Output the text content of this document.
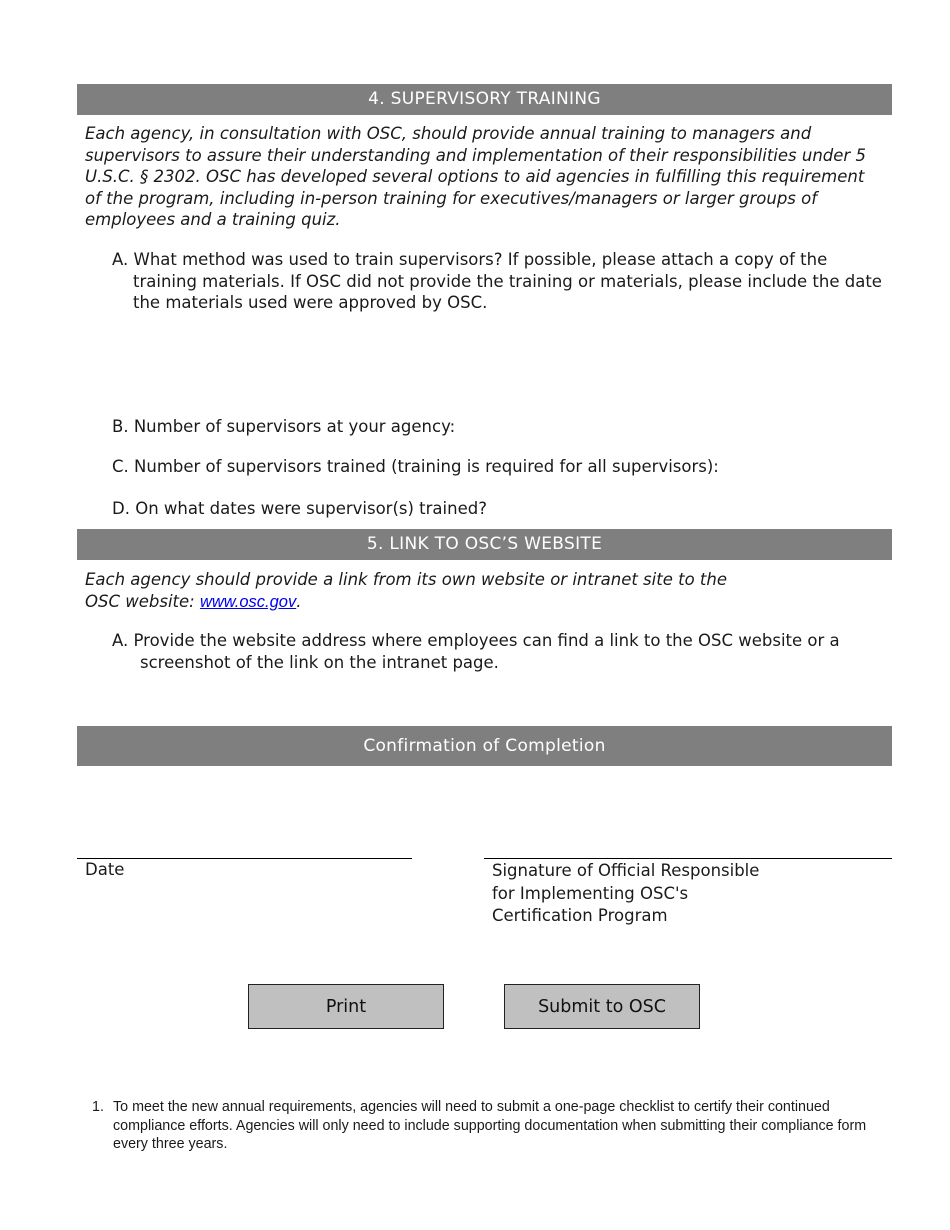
4. SUPERVISORY TRAINING
Each agency, in consultation with OSC, should provide annual training to managers and supervisors to assure their understanding and implementation of their responsibilities under 5 U.S.C. § 2302. OSC has developed several options to aid agencies in fulfilling this requirement of the program, including in-person training for executives/managers or larger groups of employees and a training quiz.
A. What method was used to train supervisors? If possible, please attach a copy of the
training materials. If OSC did not provide the training or materials, please include the date the materials used were approved by OSC.
B. Number of supervisors at your agency:
C. Number of supervisors trained (training is required for all supervisors):
D. On what dates were supervisor(s) trained?
5. LINK TO OSC’S WEBSITE
Each agency should provide a link from its own website or intranet site to the
OSC website: www.osc.gov.
A. Provide the website address where employees can find a link to the OSC website or a
screenshot of the link on the intranet page.
Confirmation of Completion
Date	Signature of Official Responsible
for Implementing OSC's
Certification Program
Print	Submit to OSC
1. To meet the new annual requirements, agencies will need to submit a one-page checklist to certify their continued compliance efforts. Agencies will only need to include supporting documentation when submitting their compliance form every three years.
